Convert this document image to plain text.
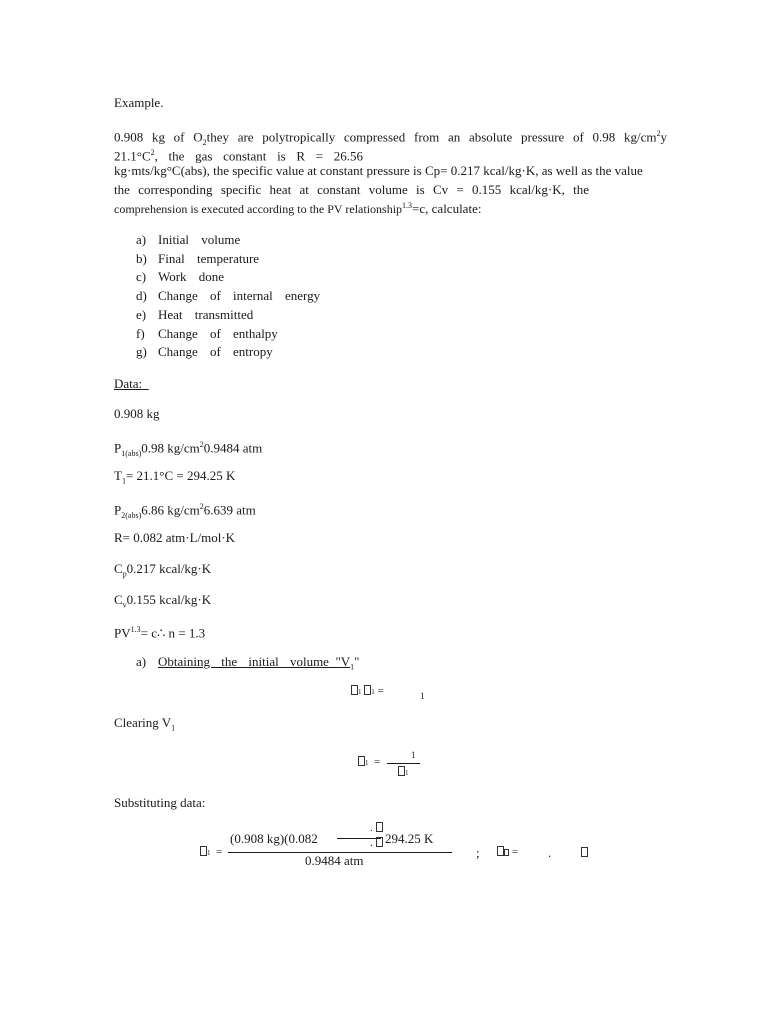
Example.
0.908 kg of $O_2they$ are polytropically compressed from an absolute pressure of 0.98 $kg/cm^2y$
$21.1^\circ C^2$, the gas constant is R = 26.56
kg·mts/kg°C(abs), the specific value at constant pressure is Cp= 0.217 kcal/kg·K, as well as the value
the corresponding specific heat at constant volume is Cv = 0.155 kcal/kg·K, the
comprehension is executed according to the PV relationship$^{1.3}$=c, calculate:
a) Initial volume
b) Final temperature
c) Work done
d) Change of internal energy
e) Heat transmitted
f) Change of enthalpy
g) Change of entropy
Data:
0.908 kg
$P_{1(abs)}0.98$ $kg/cm^20.9484$ atm
$T_1= 21.1^\circ C = 294.25$ K
$P_{2(abs)}6.86$ $kg/cm^26.639$ atm
R= 0.082 atm·L/mol·K
$C_p0.217$ kcal/kg·K
$C_v0.155$ kcal/kg·K
$PV^{1.3}=$ c∴ n = 1.3
a) Obtaining the initial volume "$V_1$"
1 1 =	1
Clearing $V_1$
1 =
1
1
Substituting data:
1 =
(0.908 kg)(0.082
.
. 294.25 K
0.9484 atm
;	= .
